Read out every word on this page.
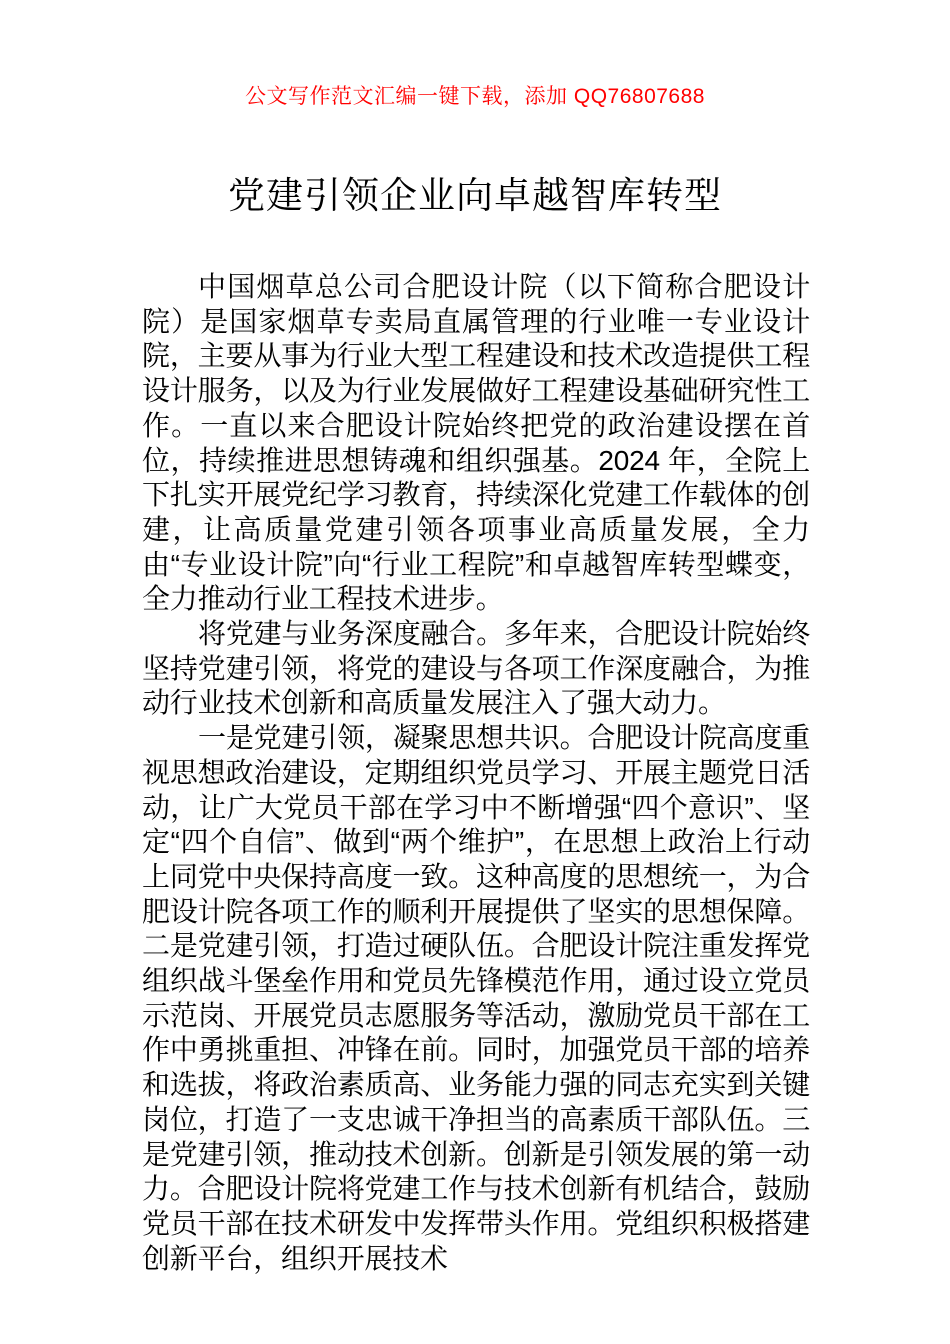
公文写作范文汇编一键下载，添加 QQ76807688
党建引领企业向卓越智库转型

中国烟草总公司合肥设计院（以下简称合肥设计院）是国家烟草专卖局直属管理的行业唯一专业设计院，主要从事为行业大型工程建设和技术改造提供工程设计服务，以及为行业发展做好工程建设基础研究性工作。一直以来合肥设计院始终把党的政治建设摆在首位，持续推进思想铸魂和组织强基。2024 年，全院上下扎实开展党纪学习教育，持续深化党建工作载体的创建，让高质量党建引领各项事业高质量发展，全力由“专业设计院”向“行业工程院”和卓越智库转型蝶变，全力推动行业工程技术进步。

将党建与业务深度融合。多年来，合肥设计院始终坚持党建引领，将党的建设与各项工作深度融合，为推动行业技术创新和高质量发展注入了强大动力。

一是党建引领，凝聚思想共识。合肥设计院高度重视思想政治建设，定期组织党员学习、开展主题党日活动，让广大党员干部在学习中不断增强“四个意识”、坚定“四个自信”、做到“两个维护”，在思想上政治上行动上同党中央保持高度一致。这种高度的思想统一，为合肥设计院各项工作的顺利开展提供了坚实的思想保障。二是党建引领，打造过硬队伍。合肥设计院注重发挥党组织战斗堡垒作用和党员先锋模范作用，通过设立党员示范岗、开展党员志愿服务等活动，激励党员干部在工作中勇挑重担、冲锋在前。同时，加强党员干部的培养和选拔，将政治素质高、业务能力强的同志充实到关键岗位，打造了一支忠诚干净担当的高素质干部队伍。三是党建引领，推动技术创新。创新是引领发展的第一动力。合肥设计院将党建工作与技术创新有机结合，鼓励党员干部在技术研发中发挥带头作用。党组织积极搭建创新平台，组织开展技术
